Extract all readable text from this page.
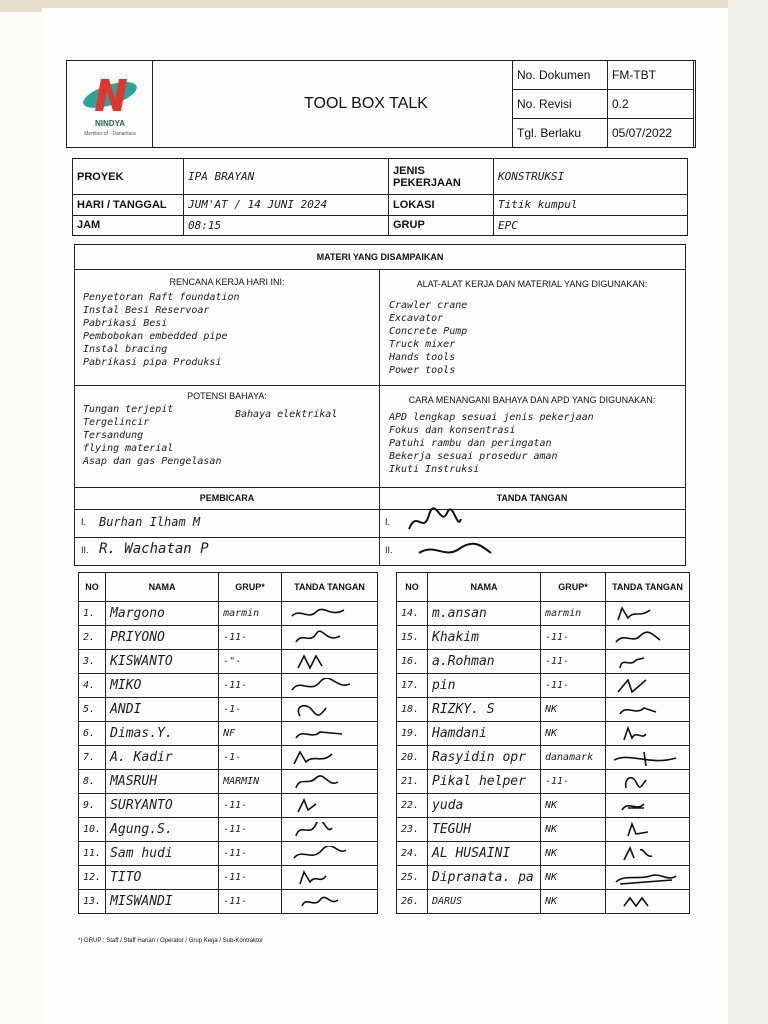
NINDYA
Member of · Danantara
TOOL BOX TALK
No. Dokumen	FM-TBT
No. Revisi	0.2
Tgl. Berlaku	05/07/2022
PROYEK	IPA BRAYAN	JENIS PEKERJAAN	KONSTRUKSI
HARI / TANGGAL	JUM'AT / 14 JUNI 2024	LOKASI	Titik kumpul
JAM	08:15	GRUP	EPC
MATERI YANG DISAMPAIKAN
RENCANA KERJA HARI INI:
Penyetoran Raft foundation
Instal Besi Reservoar
Pabrikasi Besi
Pembobokan embedded pipe
Instal bracing
Pabrikasi pipa Produksi
ALAT-ALAT KERJA DAN MATERIAL YANG DIGUNAKAN:
Crawler crane
Excavator
Concrete Pump
Truck mixer
Hands tools
Power tools
POTENSI BAHAYA:
Tungan terjepit
Tergelincir
Tersandung
flying material
Asap dan gas Pengelasan
Bahaya elektrikal
CARA MENANGANI BAHAYA DAN APD YANG DIGUNAKAN:
APD lengkap sesuai jenis pekerjaan
Fokus dan konsentrasi
Patuhi rambu dan peringatan
Bekerja sesuai prosedur aman
Ikuti Instruksi
PEMBICARA	TANDA TANGAN
I. Burhan Ilham M
II. R. Wachatan P
I.
II.
NO	NAMA	GRUP*	TANDA TANGAN
1.	Margono	marmin	

2.	PRIYONO	-11-	

3.	KISWANTO	-"-	

4.	MIKO	-11-	

5.	ANDI	-1-	

6.	Dimas.Y.	NF	

7.	A. Kadir	-1-	

8.	MASRUH	MARMIN	

9.	SURYANTO	-11-	

10.	Agung.S.	-11-	

11.	Sam hudi	-11-	

12.	TITO	-11-	

13.	MISWANDI	-11-	
NO	NAMA	GRUP*	TANDA TANGAN
14.	m.ansan	marmin	

15.	Khakim	-11-	

16.	a.Rohman	-11-	

17.	pin	-11-	

18.	RIZKY. S	NK	

19.	Hamdani	NK	

20.	Rasyidin opr	danamark	

21.	Pikal helper	-11-	

22.	yuda	NK	

23.	TEGUH	NK	

24.	AL HUSAINI	NK	

25.	Dipranata. pa	NK	

26.	DARUS	NK	
*) GRUP : Staff / Staff Harian / Operator / Grup Kerja / Sub-Kontraktor
